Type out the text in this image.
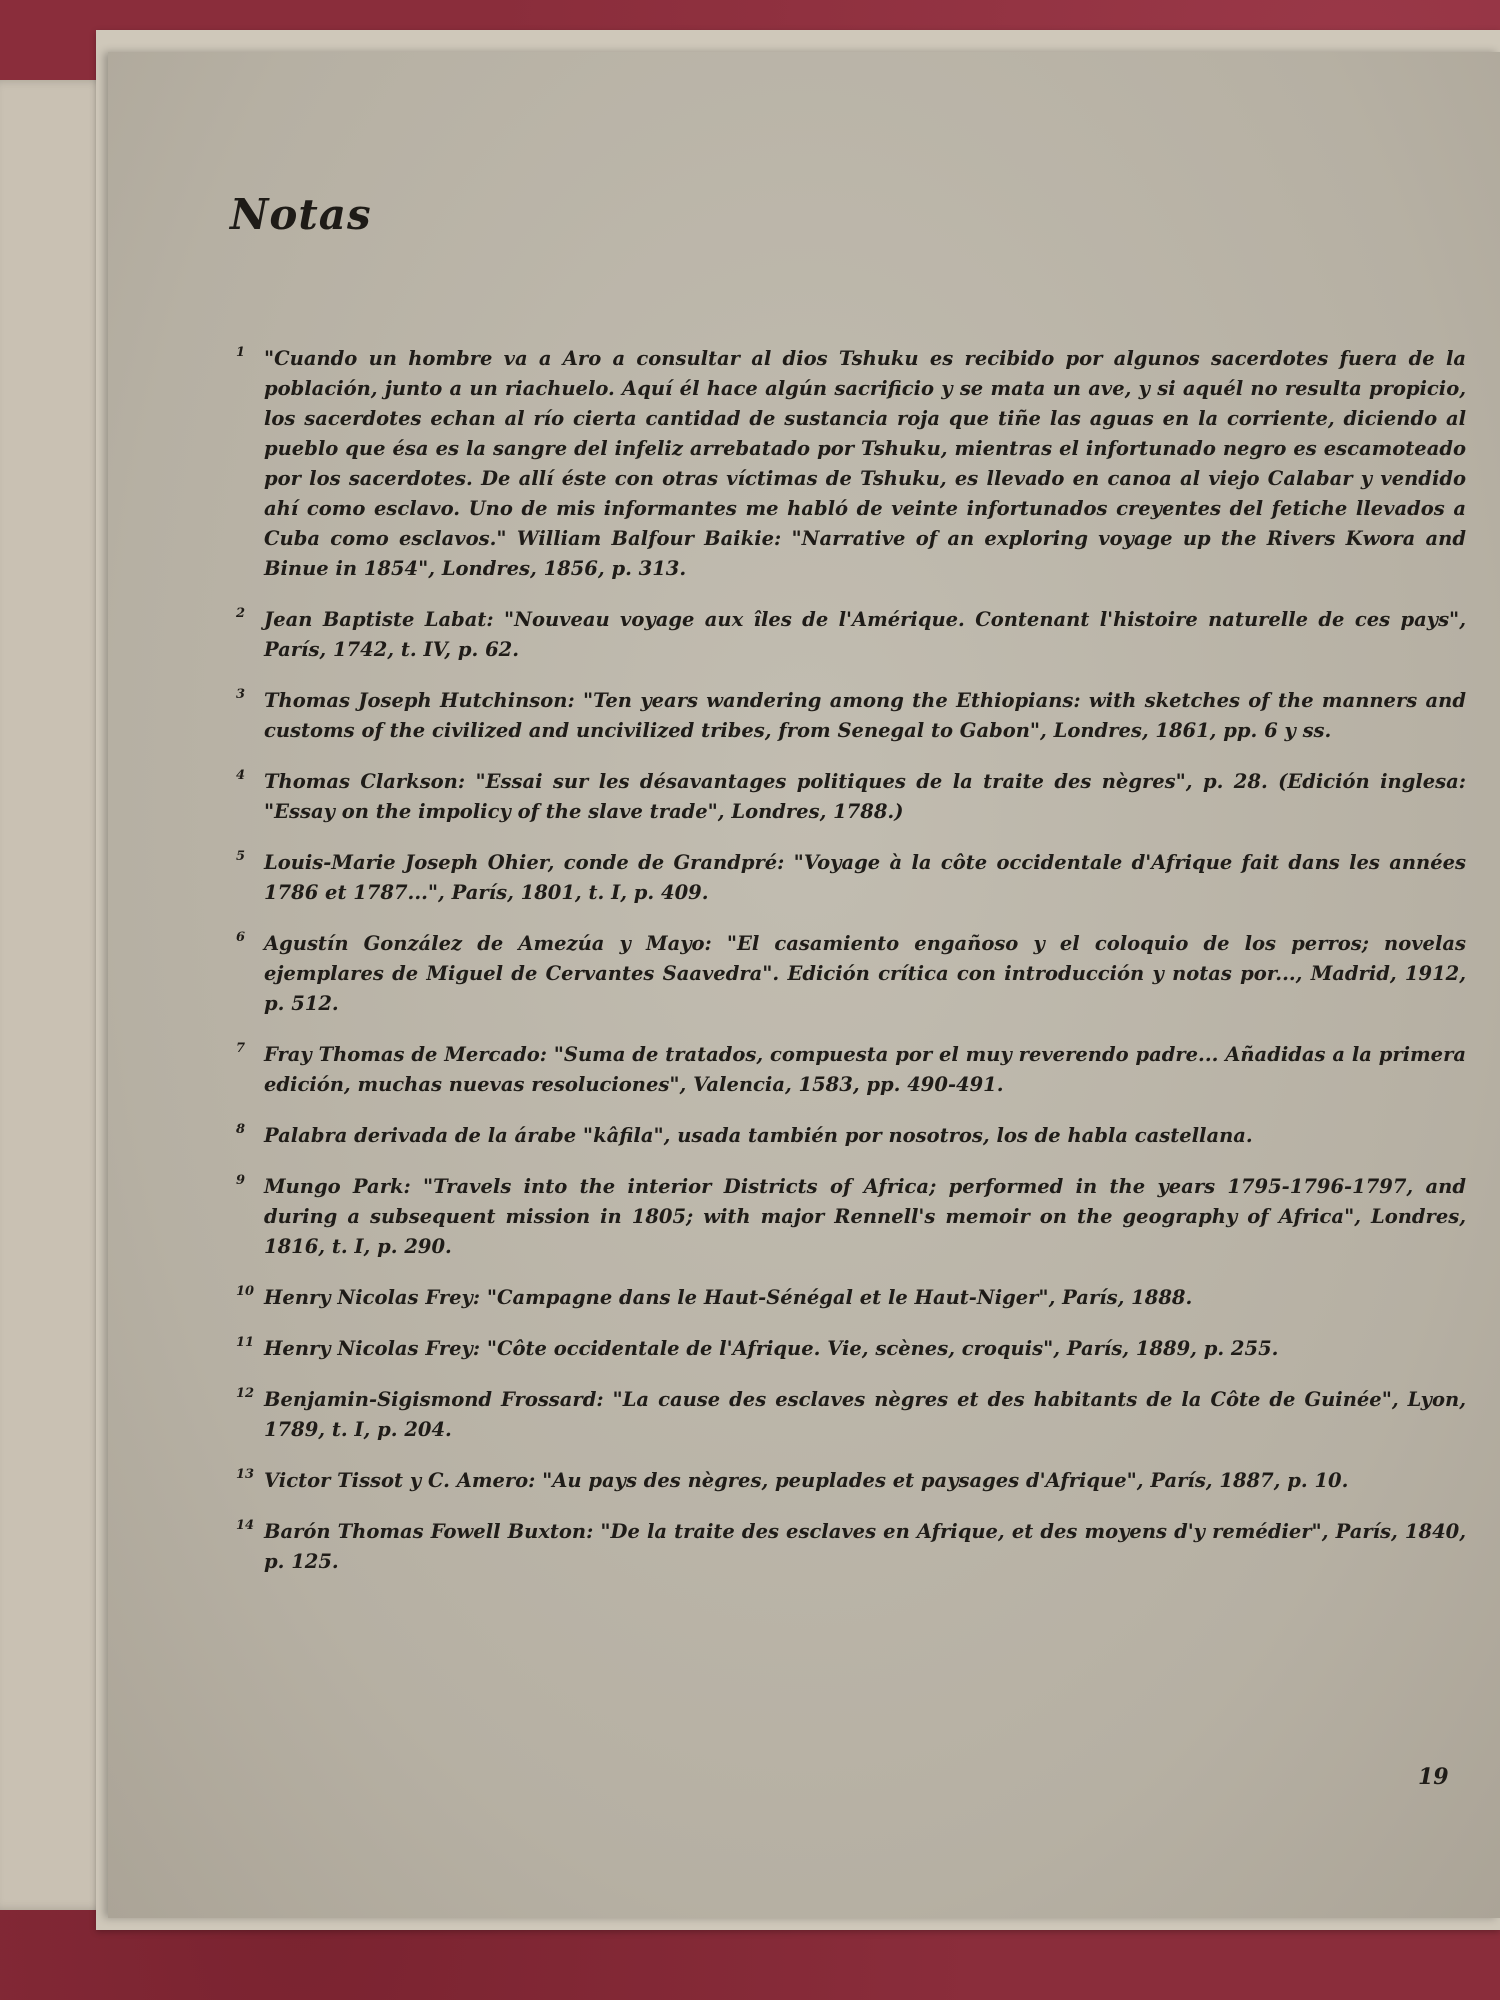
Notas
1 "Cuando un hombre va a Aro a consultar al dios Tshuku es recibido por algunos sacerdotes fuera de la población, junto a un riachuelo. Aquí él hace algún sacrificio y se mata un ave, y si aquél no resulta propicio, los sacerdotes echan al río cierta cantidad de sustancia roja que tiñe las aguas en la corriente, diciendo al pueblo que ésa es la sangre del infeliz arrebatado por Tshuku, mientras el infortunado negro es escamoteado por los sacerdotes. De allí éste con otras víctimas de Tshuku, es llevado en canoa al viejo Calabar y vendido ahí como esclavo. Uno de mis informantes me habló de veinte infortunados creyentes del fetiche llevados a Cuba como esclavos." William Balfour Baikie: "Narrative of an exploring voyage up the Rivers Kwora and Binue in 1854", Londres, 1856, p. 313.
2 Jean Baptiste Labat: "Nouveau voyage aux îles de l'Amérique. Contenant l'histoire naturelle de ces pays", París, 1742, t. IV, p. 62.
3 Thomas Joseph Hutchinson: "Ten years wandering among the Ethiopians: with sketches of the manners and customs of the civilized and uncivilized tribes, from Senegal to Gabon", Londres, 1861, pp. 6 y ss.
4 Thomas Clarkson: "Essai sur les désavantages politiques de la traite des nègres", p. 28. (Edición inglesa: "Essay on the impolicy of the slave trade", Londres, 1788.)
5 Louis-Marie Joseph Ohier, conde de Grandpré: "Voyage à la côte occidentale d'Afrique fait dans les années 1786 et 1787...", París, 1801, t. I, p. 409.
6 Agustín González de Amezúa y Mayo: "El casamiento engañoso y el coloquio de los perros; novelas ejemplares de Miguel de Cervantes Saavedra". Edición crítica con introducción y notas por..., Madrid, 1912, p. 512.
7 Fray Thomas de Mercado: "Suma de tratados, compuesta por el muy reverendo padre... Añadidas a la primera edición, muchas nuevas resoluciones", Valencia, 1583, pp. 490-491.
8 Palabra derivada de la árabe "kâfila", usada también por nosotros, los de habla castellana.
9 Mungo Park: "Travels into the interior Districts of Africa; performed in the years 1795-1796-1797, and during a subsequent mission in 1805; with major Rennell's memoir on the geography of Africa", Londres, 1816, t. I, p. 290.
10 Henry Nicolas Frey: "Campagne dans le Haut-Sénégal et le Haut-Niger", París, 1888.
11 Henry Nicolas Frey: "Côte occidentale de l'Afrique. Vie, scènes, croquis", París, 1889, p. 255.
12 Benjamin-Sigismond Frossard: "La cause des esclaves nègres et des habitants de la Côte de Guinée", Lyon, 1789, t. I, p. 204.
13 Victor Tissot y C. Amero: "Au pays des nègres, peuplades et paysages d'Afrique", París, 1887, p. 10.
14 Barón Thomas Fowell Buxton: "De la traite des esclaves en Afrique, et des moyens d'y remédier", París, 1840, p. 125.
19
